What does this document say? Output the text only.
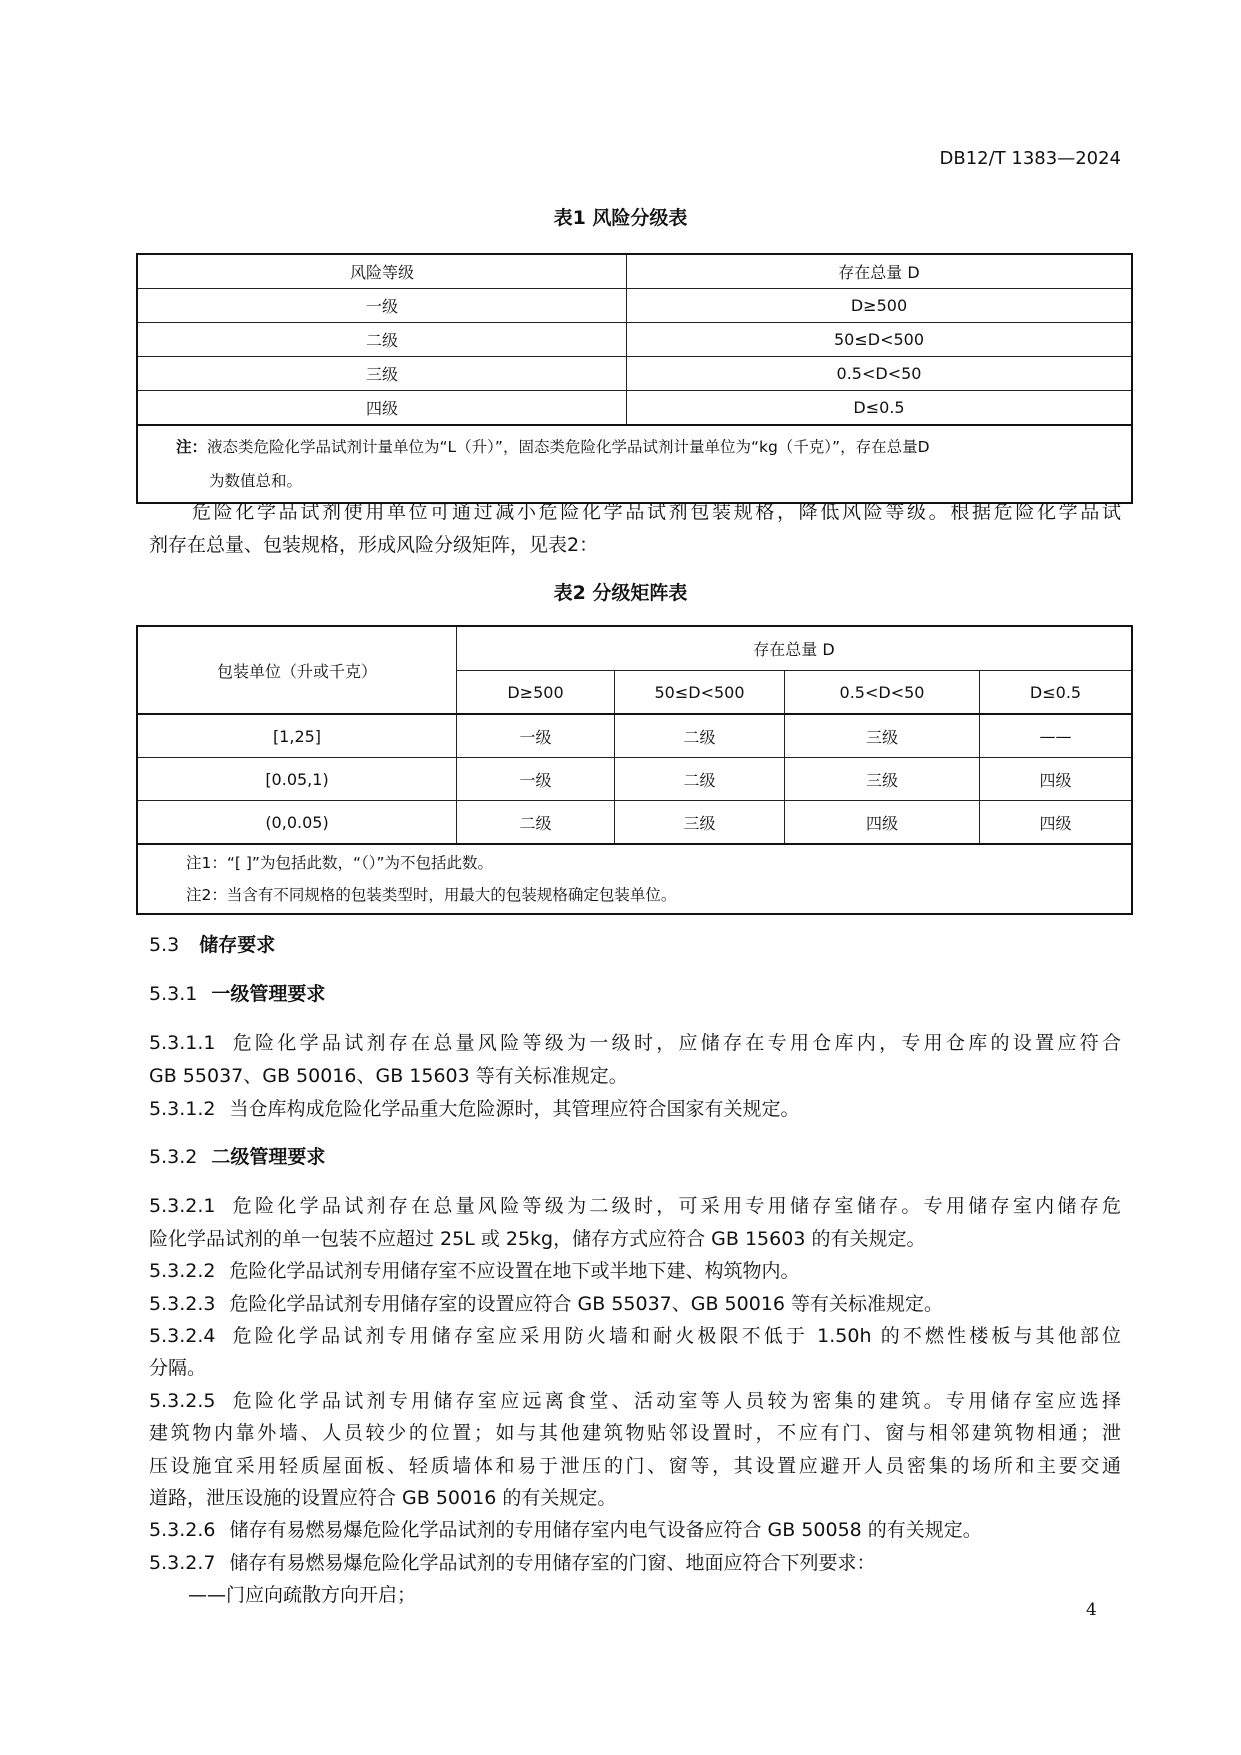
DB12/T 1383—2024
表1 风险分级表
风险等级	存在总量 D
一级	D≥500
二级	50≤D<500
三级	0.5<D<50
四级	D≤0.5

注：液态类危险化学品试剂计量单位为“L（升）”，固态类危险化学品试剂计量单位为“kg（千克）”，存在总量D
为数值总和。	
危险化学品试剂使用单位可通过减小危险化学品试剂包装规格，降低风险等级。根据危险化学品试
剂存在总量、包装规格，形成风险分级矩阵，见表2：
表2 分级矩阵表
包装单位（升或千克）	存在总量 D			
	D≥500	50≤D<500	0.5<D<50	D≤0.5
[1,25]	一级	二级	三级	——
[0.05,1)	一级	二级	三级	四级
(0,0.05)	二级	三级	四级	四级

注1：“[ ]”为包括此数，“（）”为不包括此数。
注2：当含有不同规格的包装类型时，用最大的包装规格确定包装单位。				
5.3 储存要求
5.3.1 一级管理要求
5.3.1.1 危险化学品试剂存在总量风险等级为一级时，应储存在专用仓库内，专用仓库的设置应符合
GB 55037、GB 50016、GB 15603 等有关标准规定。
5.3.1.2 当仓库构成危险化学品重大危险源时，其管理应符合国家有关规定。
5.3.2 二级管理要求
5.3.2.1 危险化学品试剂存在总量风险等级为二级时，可采用专用储存室储存。专用储存室内储存危
险化学品试剂的单一包装不应超过 25L 或 25kg，储存方式应符合 GB 15603 的有关规定。
5.3.2.2 危险化学品试剂专用储存室不应设置在地下或半地下建、构筑物内。
5.3.2.3 危险化学品试剂专用储存室的设置应符合 GB 55037、GB 50016 等有关标准规定。
5.3.2.4 危险化学品试剂专用储存室应采用防火墙和耐火极限不低于 1.50h 的不燃性楼板与其他部位
分隔。
5.3.2.5 危险化学品试剂专用储存室应远离食堂、活动室等人员较为密集的建筑。专用储存室应选择
建筑物内靠外墙、人员较少的位置；如与其他建筑物贴邻设置时，不应有门、窗与相邻建筑物相通；泄
压设施宜采用轻质屋面板、轻质墙体和易于泄压的门、窗等，其设置应避开人员密集的场所和主要交通
道路，泄压设施的设置应符合 GB 50016 的有关规定。
5.3.2.6 储存有易燃易爆危险化学品试剂的专用储存室内电气设备应符合 GB 50058 的有关规定。
5.3.2.7 储存有易燃易爆危险化学品试剂的专用储存室的门窗、地面应符合下列要求：
——门应向疏散方向开启；
4
